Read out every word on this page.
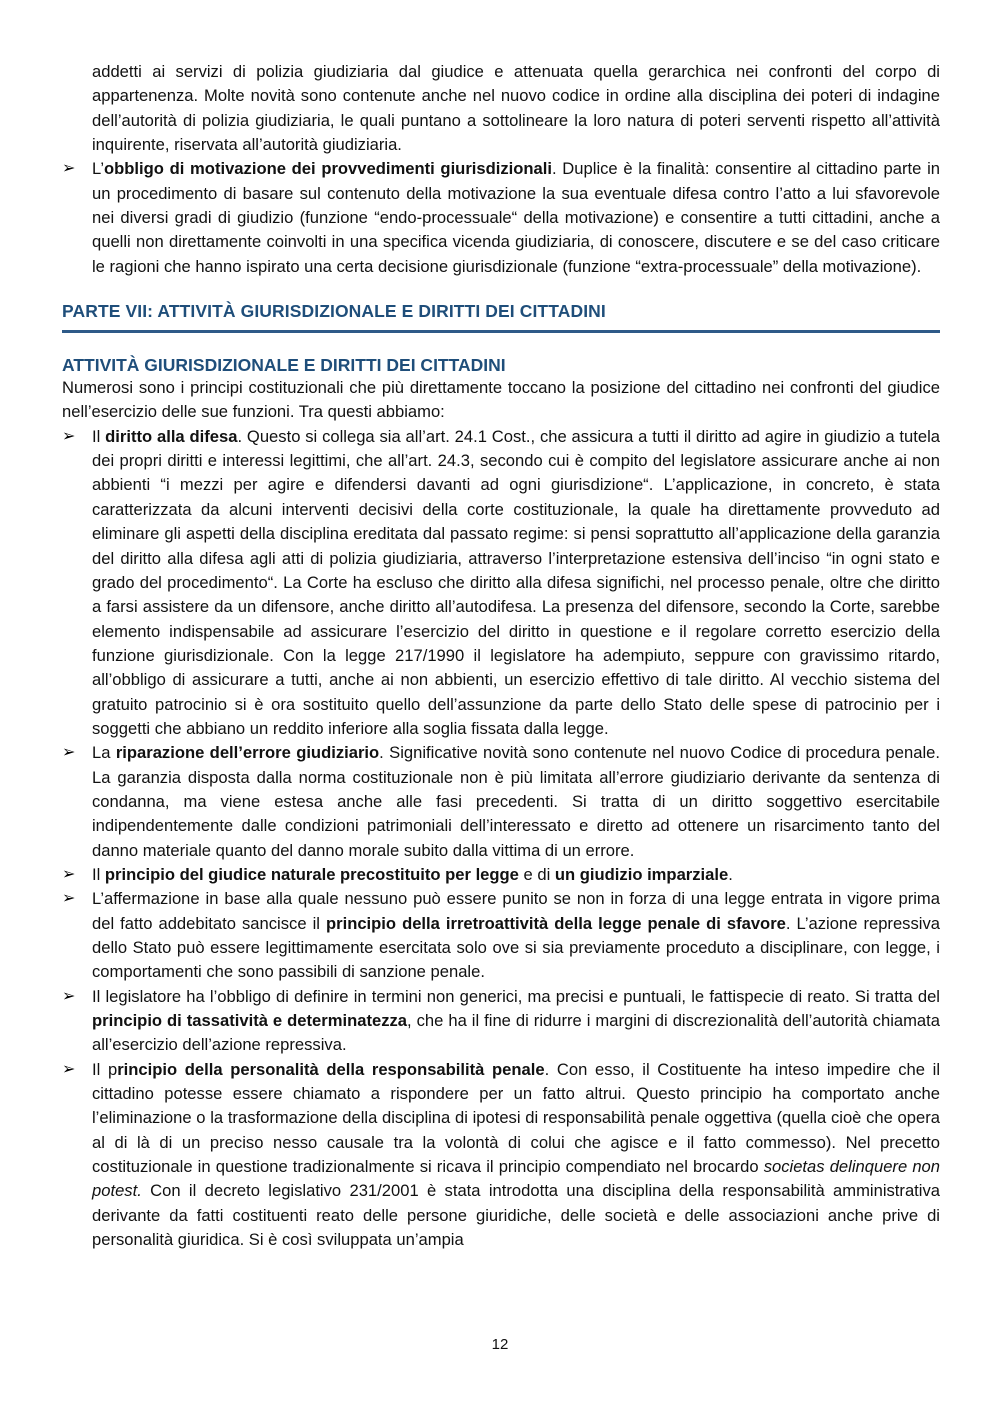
addetti ai servizi di polizia giudiziaria dal giudice e attenuata quella gerarchica nei confronti del corpo di appartenenza. Molte novità sono contenute anche nel nuovo codice in ordine alla disciplina dei poteri di indagine dell’autorità di polizia giudiziaria, le quali puntano a sottolineare la loro natura di poteri serventi rispetto all’attività inquirente, riservata all’autorità giudiziaria.

➢ L’obbligo di motivazione dei provvedimenti giurisdizionali. Duplice è la finalità: consentire al cittadino parte in un procedimento di basare sul contenuto della motivazione la sua eventuale difesa contro l’atto a lui sfavorevole nei diversi gradi di giudizio (funzione “endo-processuale“ della motivazione) e consentire a tutti cittadini, anche a quelli non direttamente coinvolti in una specifica vicenda giudiziaria, di conoscere, discutere e se del caso criticare le ragioni che hanno ispirato una certa decisione giurisdizionale (funzione “extra-processuale” della motivazione).
PARTE VII: ATTIVITÀ GIURISDIZIONALE E DIRITTI DEI CITTADINI
ATTIVITÀ GIURISDIZIONALE E DIRITTI DEI CITTADINI

Numerosi sono i principi costituzionali che più direttamente toccano la posizione del cittadino nei confronti del giudice nell’esercizio delle sue funzioni. Tra questi abbiamo:

➢ Il diritto alla difesa. Questo si collega sia all’art. 24.1 Cost., che assicura a tutti il diritto ad agire in giudizio a tutela dei propri diritti e interessi legittimi, che all’art. 24.3, secondo cui è compito del legislatore assicurare anche ai non abbienti “i mezzi per agire e difendersi davanti ad ogni giurisdizione“. L’applicazione, in concreto, è stata caratterizzata da alcuni interventi decisivi della corte costituzionale, la quale ha direttamente provveduto ad eliminare gli aspetti della disciplina ereditata dal passato regime: si pensi soprattutto all’applicazione della garanzia del diritto alla difesa agli atti di polizia giudiziaria, attraverso l’interpretazione estensiva dell’inciso “in ogni stato e grado del procedimento“. La Corte ha escluso che diritto alla difesa significhi, nel processo penale, oltre che diritto a farsi assistere da un difensore, anche diritto all’autodifesa. La presenza del difensore, secondo la Corte, sarebbe elemento indispensabile ad assicurare l’esercizio del diritto in questione e il regolare corretto esercizio della funzione giurisdizionale. Con la legge 217/1990 il legislatore ha adempiuto, seppure con gravissimo ritardo, all’obbligo di assicurare a tutti, anche ai non abbienti, un esercizio effettivo di tale diritto. Al vecchio sistema del gratuito patrocinio si è ora sostituito quello dell’assunzione da parte dello Stato delle spese di patrocinio per i soggetti che abbiano un reddito inferiore alla soglia fissata dalla legge.
➢ La riparazione dell’errore giudiziario. Significative novità sono contenute nel nuovo Codice di procedura penale. La garanzia disposta dalla norma costituzionale non è più limitata all’errore giudiziario derivante da sentenza di condanna, ma viene estesa anche alle fasi precedenti. Si tratta di un diritto soggettivo esercitabile indipendentemente dalle condizioni patrimoniali dell’interessato e diretto ad ottenere un risarcimento tanto del danno materiale quanto del danno morale subito dalla vittima di un errore.
➢ Il principio del giudice naturale precostituito per legge e di un giudizio imparziale.
➢ L’affermazione in base alla quale nessuno può essere punito se non in forza di una legge entrata in vigore prima del fatto addebitato sancisce il principio della irretroattività della legge penale di sfavore. L’azione repressiva dello Stato può essere legittimamente esercitata solo ove si sia previamente proceduto a disciplinare, con legge, i comportamenti che sono passibili di sanzione penale.
➢ Il legislatore ha l’obbligo di definire in termini non generici, ma precisi e puntuali, le fattispecie di reato. Si tratta del principio di tassatività e determinatezza, che ha il fine di ridurre i margini di discrezionalità dell’autorità chiamata all’esercizio dell’azione repressiva.
➢ Il principio della personalità della responsabilità penale. Con esso, il Costituente ha inteso impedire che il cittadino potesse essere chiamato a rispondere per un fatto altrui. Questo principio ha comportato anche l’eliminazione o la trasformazione della disciplina di ipotesi di responsabilità penale oggettiva (quella cioè che opera al di là di un preciso nesso causale tra la volontà di colui che agisce e il fatto commesso). Nel precetto costituzionale in questione tradizionalmente si ricava il principio compendiato nel brocardo societas delinquere non potest. Con il decreto legislativo 231/2001 è stata introdotta una disciplina della responsabilità amministrativa derivante da fatti costituenti reato delle persone giuridiche, delle società e delle associazioni anche prive di personalità giuridica. Si è così sviluppata un’ampia
12
